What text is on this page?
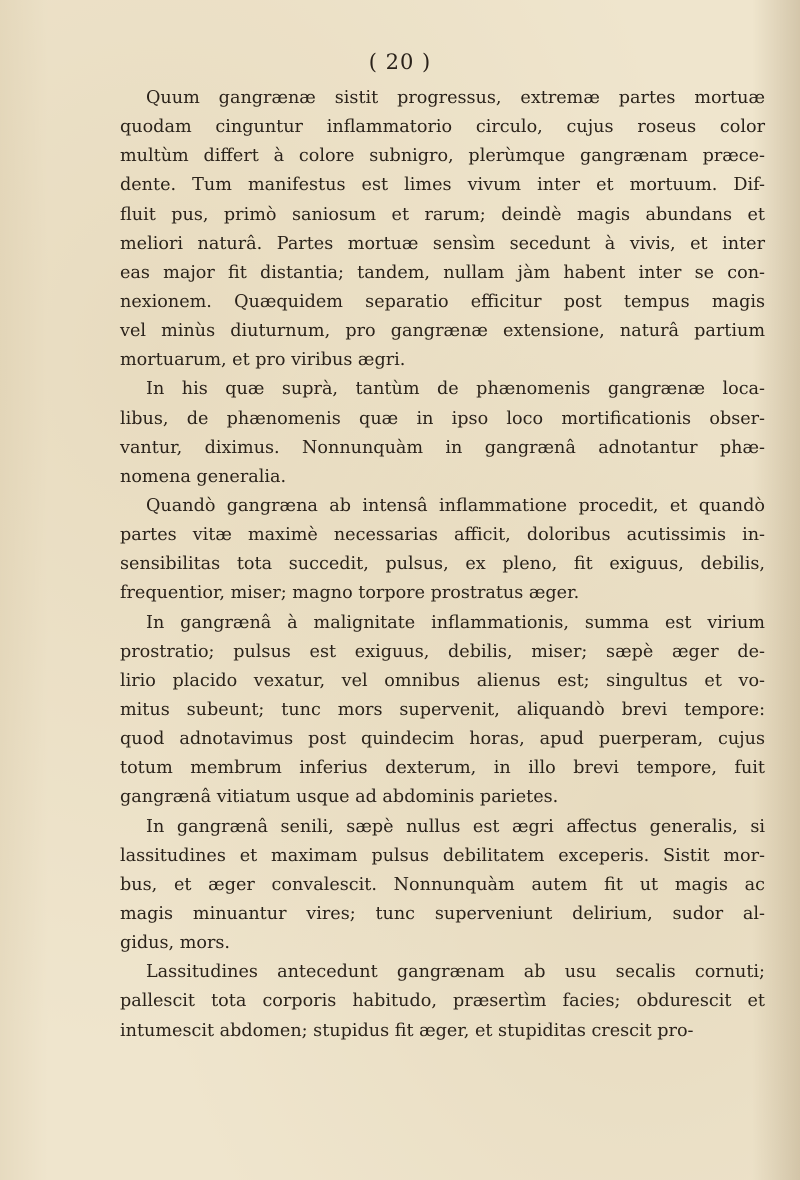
( 20 )
Quum gangrænæ sistit progressus, extremæ partes mortuæ
quodam cinguntur inflammatorio circulo, cujus roseus color
multùm differt à colore subnigro, plerùmque gangrænam præce-
dente. Tum manifestus est limes vivum inter et mortuum. Dif-
fluit pus, primò saniosum et rarum; deindè magis abundans et
meliori naturâ. Partes mortuæ sensìm secedunt à vivis, et inter
eas major fit distantia; tandem, nullam jàm habent inter se con-
nexionem. Quæquidem separatio efficitur post tempus magis
vel minùs diuturnum, pro gangrænæ extensione, naturâ partium
mortuarum, et pro viribus ægri.
In his quæ suprà, tantùm de phænomenis gangrænæ loca-
libus, de phænomenis quæ in ipso loco mortificationis obser-
vantur, diximus. Nonnunquàm in gangrænâ adnotantur phæ-
nomena generalia.
Quandò gangræna ab intensâ inflammatione procedit, et quandò
partes vitæ maximè necessarias afficit, doloribus acutissimis in-
sensibilitas tota succedit, pulsus, ex pleno, fit exiguus, debilis,
frequentior, miser; magno torpore prostratus æger.
In gangrænâ à malignitate inflammationis, summa est virium
prostratio; pulsus est exiguus, debilis, miser; sæpè æger de-
lirio placido vexatur, vel omnibus alienus est; singultus et vo-
mitus subeunt; tunc mors supervenit, aliquandò brevi tempore:
quod adnotavimus post quindecim horas, apud puerperam, cujus
totum membrum inferius dexterum, in illo brevi tempore, fuit
gangrænâ vitiatum usque ad abdominis parietes.
In gangrænâ senili, sæpè nullus est ægri affectus generalis, si
lassitudines et maximam pulsus debilitatem exceperis. Sistit mor-
bus, et æger convalescit. Nonnunquàm autem fit ut magis ac
magis minuantur vires; tunc superveniunt delirium, sudor al-
gidus, mors.
Lassitudines antecedunt gangrænam ab usu secalis cornuti;
pallescit tota corporis habitudo, præsertìm facies; obdurescit et
intumescit abdomen; stupidus fit æger, et stupiditas crescit pro-
